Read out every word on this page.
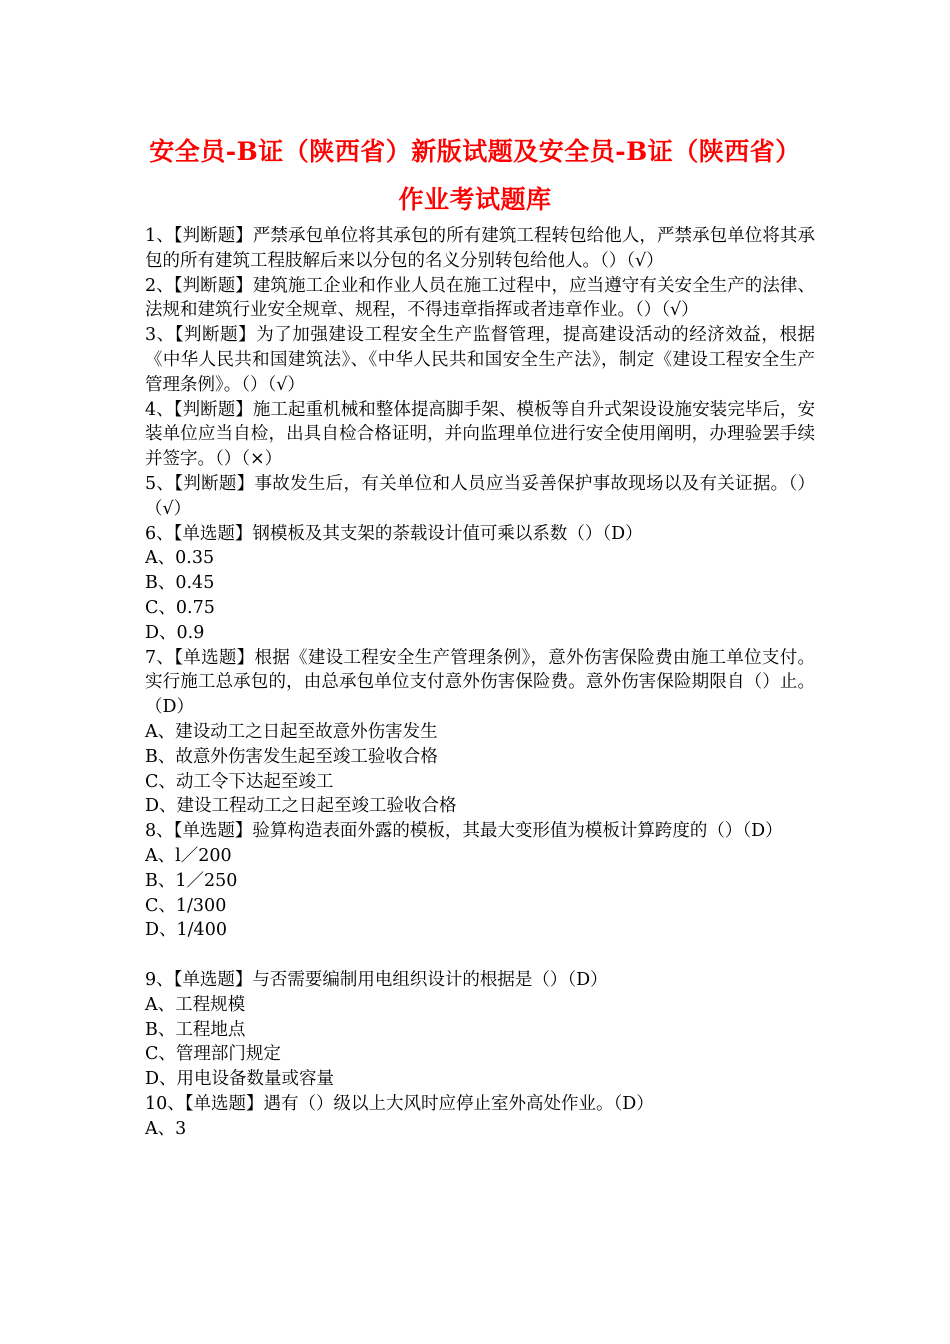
安全员-B证（陕西省）新版试题及安全员-B证（陕西省）
作业考试题库

1、【判断题】严禁承包单位将其承包的所有建筑工程转包给他人，严禁承包单位将其承包的所有建筑工程肢解后来以分包的名义分别转包给他人。（）（√）

2、【判断题】建筑施工企业和作业人员在施工过程中，应当遵守有关安全生产的法律、法规和建筑行业安全规章、规程，不得违章指挥或者违章作业。（）（√）

3、【判断题】为了加强建设工程安全生产监督管理，提高建设活动的经济效益，根据《中华人民共和国建筑法》、《中华人民共和国安全生产法》，制定《建设工程安全生产管理条例》。（）（√）

4、【判断题】施工起重机械和整体提高脚手架、模板等自升式架设设施安装完毕后，安装单位应当自检，出具自检合格证明，并向监理单位进行安全使用阐明，办理验罢手续并签字。（）（×）

5、【判断题】事故发生后，有关单位和人员应当妥善保护事故现场以及有关证据。（）（√）

6、【单选题】钢模板及其支架的荼载设计值可乘以系数（）（D）

A、0.35

B、0.45

C、0.75

D、0.9

7、【单选题】根据《建设工程安全生产管理条例》，意外伤害保险费由施工单位支付。实行施工总承包的，由总承包单位支付意外伤害保险费。意外伤害保险期限自（）止。（D）

A、建设动工之日起至故意外伤害发生

B、故意外伤害发生起至竣工验收合格

C、动工令下达起至竣工

D、建设工程动工之日起至竣工验收合格

8、【单选题】验算构造表面外露的模板，其最大变形值为模板计算跨度的（）（D）

A、l／200

B、1／250

C、1/300

D、1/400

9、【单选题】与否需要编制用电组织设计的根据是（）（D）

A、工程规模

B、工程地点

C、管理部门规定

D、用电设备数量或容量

10、【单选题】遇有（）级以上大风时应停止室外高处作业。（D）

A、3
